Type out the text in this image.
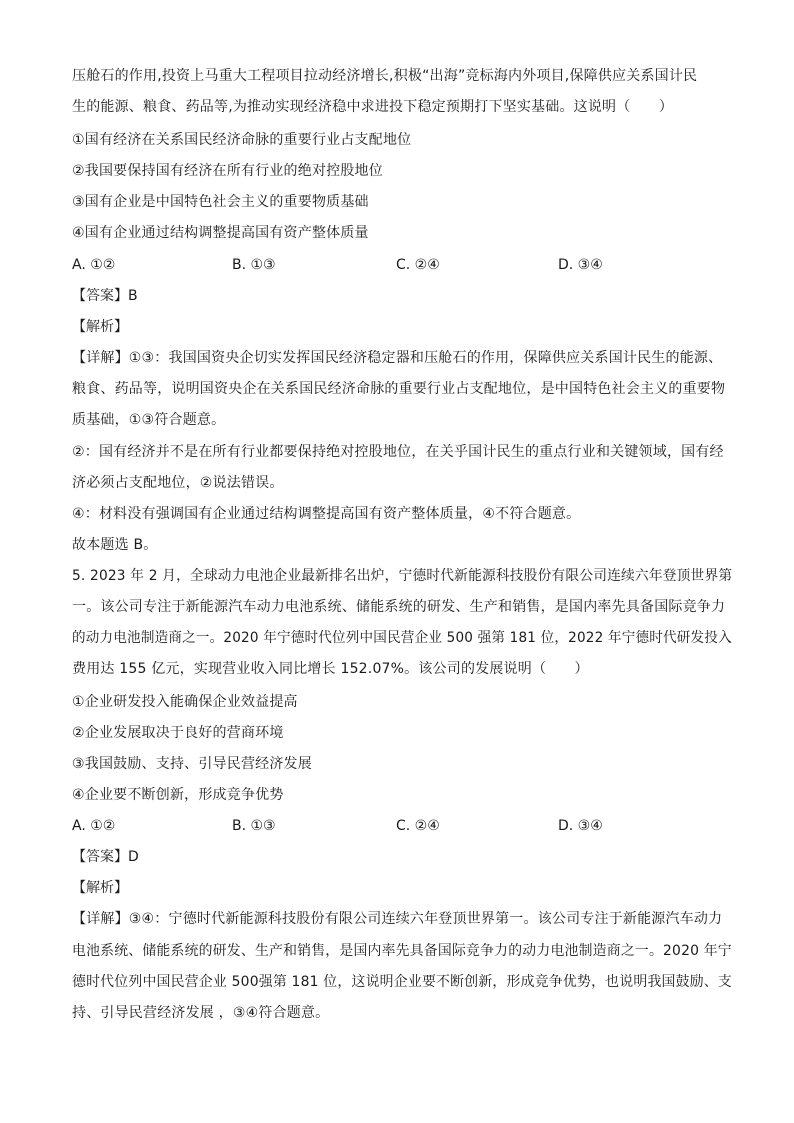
压舱石的作用,投资上马重大工程项目拉动经济增长,积极“出海”竞标海内外项目,保障供应关系国计民
生的能源、粮食、药品等,为推动实现经济稳中求进投下稳定预期打下坚实基础。这说明（　　）
①国有经济在关系国民经济命脉的重要行业占支配地位
②我国要保持国有经济在所有行业的绝对控股地位
③国有企业是中国特色社会主义的重要物质基础
④国有企业通过结构调整提高国有资产整体质量
A. ①②	B. ①③	C. ②④	D. ③④
【答案】B
【解析】
【详解】①③：我国国资央企切实发挥国民经济稳定器和压舱石的作用，保障供应关系国计民生的能源、
粮食、药品等，说明国资央企在关系国民经济命脉的重要行业占支配地位，是中国特色社会主义的重要物
质基础，①③符合题意。
②：国有经济并不是在所有行业都要保持绝对控股地位，在关乎国计民生的重点行业和关键领域，国有经
济必须占支配地位，②说法错误。
④：材料没有强调国有企业通过结构调整提高国有资产整体质量，④不符合题意。
故本题选 B。
5. 2023 年 2 月，全球动力电池企业最新排名出炉，宁德时代新能源科技股份有限公司连续六年登顶世界第
一。该公司专注于新能源汽车动力电池系统、储能系统的研发、生产和销售，是国内率先具备国际竞争力
的动力电池制造商之一。2020 年宁德时代位列中国民营企业 500 强第 181 位，2022 年宁德时代研发投入
费用达 155 亿元，实现营业收入同比增长 152.07%。该公司的发展说明（　　）
①企业研发投入能确保企业效益提高
②企业发展取决于良好的营商环境
③我国鼓励、支持、引导民营经济发展
④企业要不断创新，形成竞争优势
A. ①②	B. ①③	C. ②④	D. ③④
【答案】D
【解析】
【详解】③④：宁德时代新能源科技股份有限公司连续六年登顶世界第一。该公司专注于新能源汽车动力
电池系统、储能系统的研发、生产和销售，是国内率先具备国际竞争力的动力电池制造商之一。2020 年宁
德时代位列中国民营企业 500强第 181 位，这说明企业要不断创新，形成竞争优势，也说明我国鼓励、支
持、引导民营经济发展 ，③④符合题意。
